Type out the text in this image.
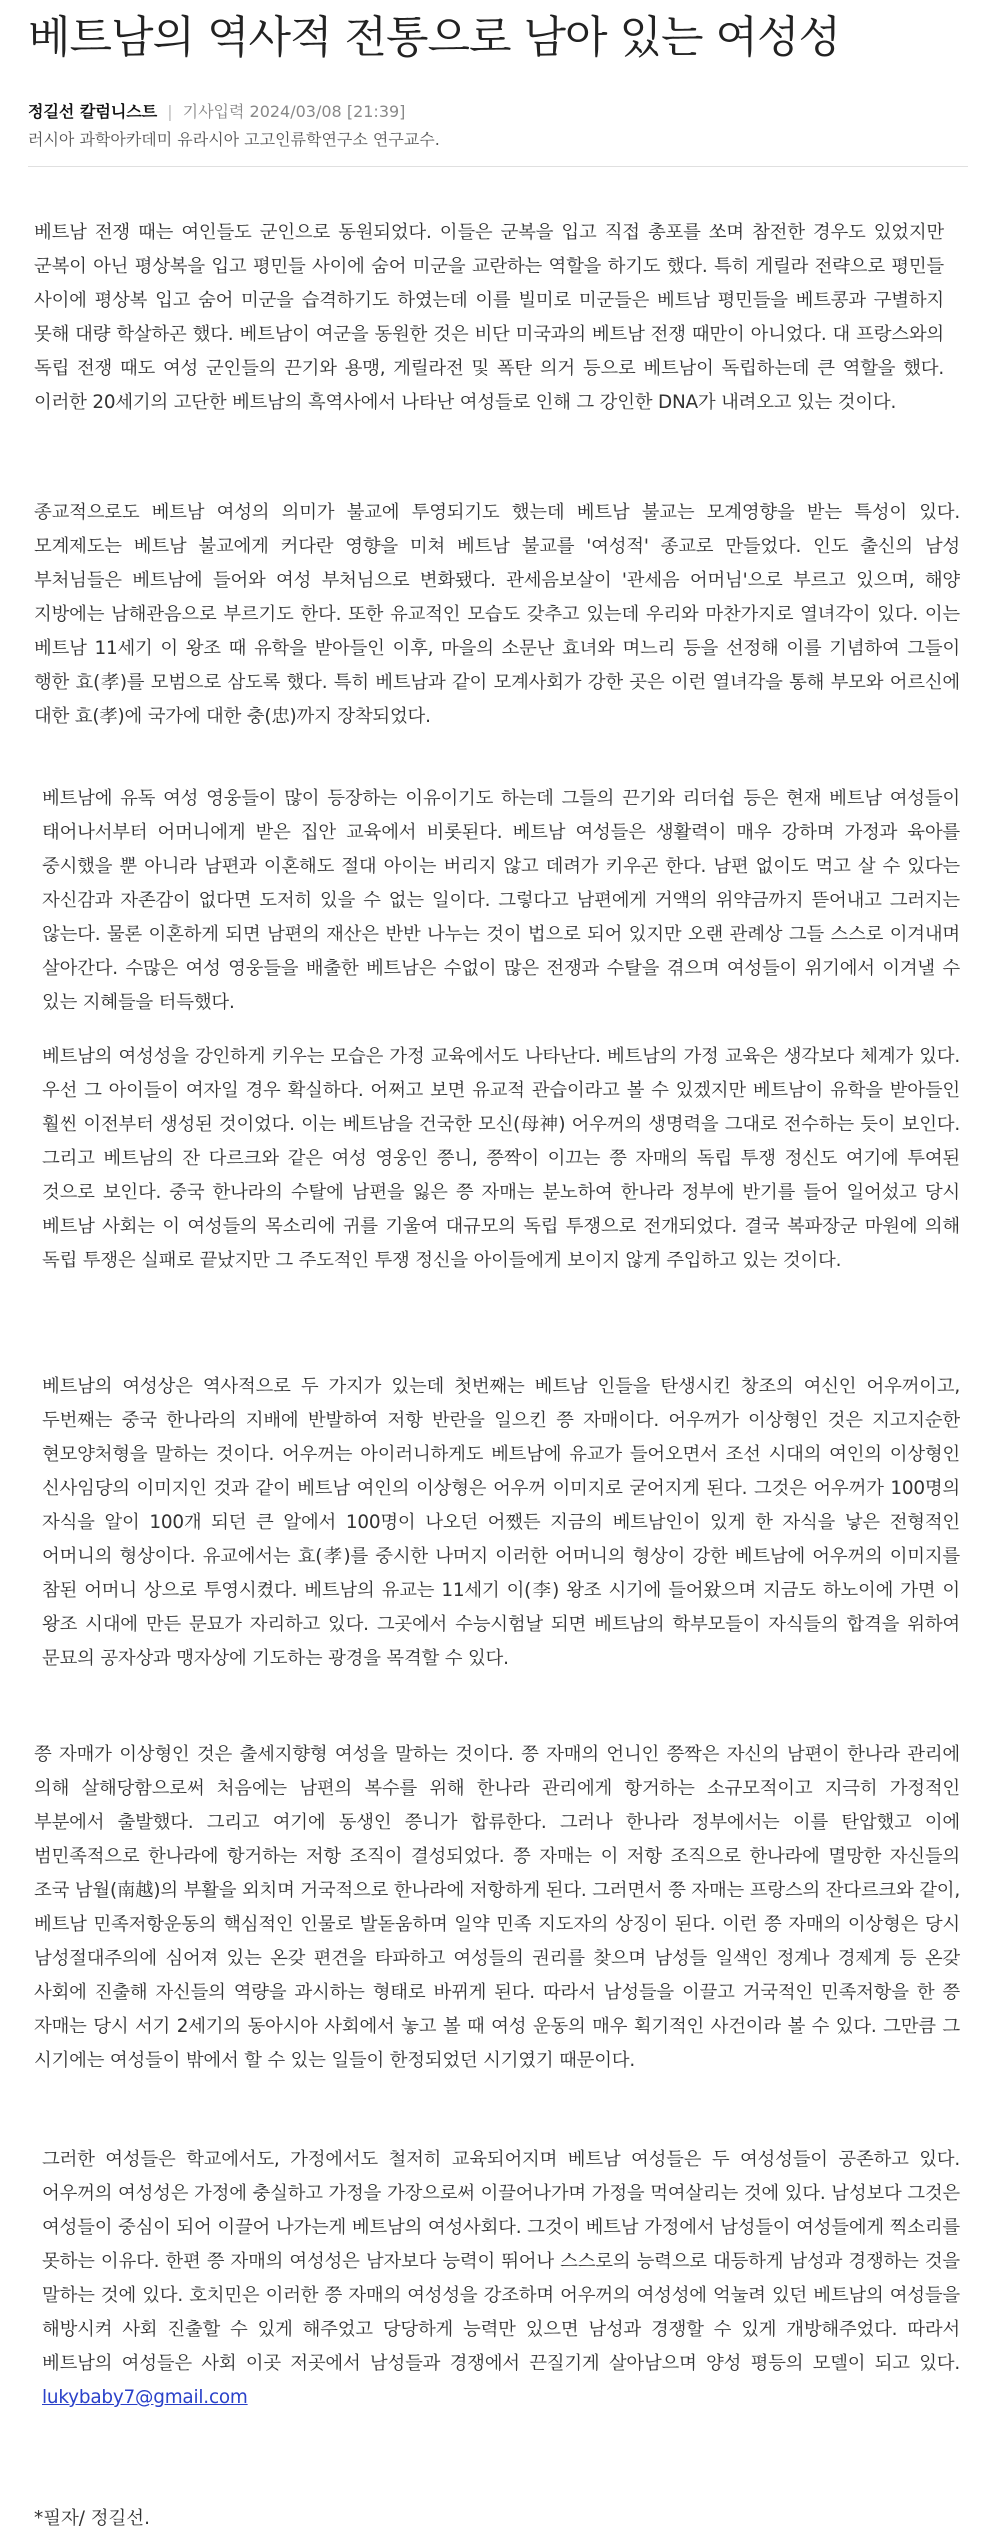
베트남의 역사적 전통으로 남아 있는 여성성
정길선 칼럼니스트 | 기사입력 2024/03/08 [21:39]
러시아 과학아카데미 유라시아 고고인류학연구소 연구교수.

베트남 전쟁 때는 여인들도 군인으로 동원되었다. 이들은 군복을 입고 직접 총포를 쏘며 참전한 경우도 있었지만 군복이 아닌 평상복을 입고 평민들 사이에 숨어 미군을 교란하는 역할을 하기도 했다. 특히 게릴라 전략으로 평민들 사이에 평상복 입고 숨어 미군을 습격하기도 하였는데 이를 빌미로 미군들은 베트남 평민들을 베트콩과 구별하지 못해 대량 학살하곤 했다. 베트남이 여군을 동원한 것은 비단 미국과의 베트남 전쟁 때만이 아니었다. 대 프랑스와의 독립 전쟁 때도 여성 군인들의 끈기와 용맹, 게릴라전 및 폭탄 의거 등으로 베트남이 독립하는데 큰 역할을 했다. 이러한 20세기의 고단한 베트남의 흑역사에서 나타난 여성들로 인해 그 강인한 DNA가 내려오고 있는 것이다.

종교적으로도 베트남 여성의 의미가 불교에 투영되기도 했는데 베트남 불교는 모계영향을 받는 특성이 있다. 모계제도는 베트남 불교에게 커다란 영향을 미쳐 베트남 불교를 '여성적' 종교로 만들었다. 인도 출신의 남성 부처님들은 베트남에 들어와 여성 부처님으로 변화됐다. 관세음보살이 '관세음 어머님'으로 부르고 있으며, 해양 지방에는 남해관음으로 부르기도 한다. 또한 유교적인 모습도 갖추고 있는데 우리와 마찬가지로 열녀각이 있다. 이는 베트남 11세기 이 왕조 때 유학을 받아들인 이후, 마을의 소문난 효녀와 며느리 등을 선정해 이를 기념하여 그들이 행한 효(孝)를 모범으로 삼도록 했다. 특히 베트남과 같이 모계사회가 강한 곳은 이런 열녀각을 통해 부모와 어르신에 대한 효(孝)에 국가에 대한 충(忠)까지 장착되었다.

베트남에 유독 여성 영웅들이 많이 등장하는 이유이기도 하는데 그들의 끈기와 리더쉽 등은 현재 베트남 여성들이 태어나서부터 어머니에게 받은 집안 교육에서 비롯된다. 베트남 여성들은 생활력이 매우 강하며 가정과 육아를 중시했을 뿐 아니라 남편과 이혼해도 절대 아이는 버리지 않고 데려가 키우곤 한다. 남편 없이도 먹고 살 수 있다는 자신감과 자존감이 없다면 도저히 있을 수 없는 일이다. 그렇다고 남편에게 거액의 위약금까지 뜯어내고 그러지는 않는다. 물론 이혼하게 되면 남편의 재산은 반반 나누는 것이 법으로 되어 있지만 오랜 관례상 그들 스스로 이겨내며 살아간다. 수많은 여성 영웅들을 배출한 베트남은 수없이 많은 전쟁과 수탈을 겪으며 여성들이 위기에서 이겨낼 수 있는 지혜들을 터득했다.

베트남의 여성성을 강인하게 키우는 모습은 가정 교육에서도 나타난다. 베트남의 가정 교육은 생각보다 체계가 있다. 우선 그 아이들이 여자일 경우 확실하다. 어쩌고 보면 유교적 관습이라고 볼 수 있겠지만 베트남이 유학을 받아들인 훨씬 이전부터 생성된 것이었다. 이는 베트남을 건국한 모신(母神) 어우꺼의 생명력을 그대로 전수하는 듯이 보인다. 그리고 베트남의 잔 다르크와 같은 여성 영웅인 쯩니, 쯩짝이 이끄는 쯩 자매의 독립 투쟁 정신도 여기에 투여된 것으로 보인다. 중국 한나라의 수탈에 남편을 잃은 쯩 자매는 분노하여 한나라 정부에 반기를 들어 일어섰고 당시 베트남 사회는 이 여성들의 목소리에 귀를 기울여 대규모의 독립 투쟁으로 전개되었다. 결국 복파장군 마원에 의해 독립 투쟁은 실패로 끝났지만 그 주도적인 투쟁 정신을 아이들에게 보이지 않게 주입하고 있는 것이다.

베트남의 여성상은 역사적으로 두 가지가 있는데 첫번째는 베트남 인들을 탄생시킨 창조의 여신인 어우꺼이고, 두번째는 중국 한나라의 지배에 반발하여 저항 반란을 일으킨 쯩 자매이다. 어우꺼가 이상형인 것은 지고지순한 현모양처형을 말하는 것이다. 어우꺼는 아이러니하게도 베트남에 유교가 들어오면서 조선 시대의 여인의 이상형인 신사임당의 이미지인 것과 같이 베트남 여인의 이상형은 어우꺼 이미지로 굳어지게 된다. 그것은 어우꺼가 100명의 자식을 알이 100개 되던 큰 알에서 100명이 나오던 어쨌든 지금의 베트남인이 있게 한 자식을 낳은 전형적인 어머니의 형상이다. 유교에서는 효(孝)를 중시한 나머지 이러한 어머니의 형상이 강한 베트남에 어우꺼의 이미지를 참된 어머니 상으로 투영시켰다. 베트남의 유교는 11세기 이(李) 왕조 시기에 들어왔으며 지금도 하노이에 가면 이 왕조 시대에 만든 문묘가 자리하고 있다. 그곳에서 수능시험날 되면 베트남의 학부모들이 자식들의 합격을 위하여 문묘의 공자상과 맹자상에 기도하는 광경을 목격할 수 있다.

쯩 자매가 이상형인 것은 출세지향형 여성을 말하는 것이다. 쯩 자매의 언니인 쯩짝은 자신의 남편이 한나라 관리에 의해 살해당함으로써 처음에는 남편의 복수를 위해 한나라 관리에게 항거하는 소규모적이고 지극히 가정적인 부분에서 출발했다. 그리고 여기에 동생인 쯩니가 합류한다. 그러나 한나라 정부에서는 이를 탄압했고 이에 범민족적으로 한나라에 항거하는 저항 조직이 결성되었다. 쯩 자매는 이 저항 조직으로 한나라에 멸망한 자신들의 조국 남월(南越)의 부활을 외치며 거국적으로 한나라에 저항하게 된다. 그러면서 쯩 자매는 프랑스의 잔다르크와 같이, 베트남 민족저항운동의 핵심적인 인물로 발돋움하며 일약 민족 지도자의 상징이 된다. 이런 쯩 자매의 이상형은 당시 남성절대주의에 심어져 있는 온갖 편견을 타파하고 여성들의 권리를 찾으며 남성들 일색인 정계나 경제계 등 온갖 사회에 진출해 자신들의 역량을 과시하는 형태로 바뀌게 된다. 따라서 남성들을 이끌고 거국적인 민족저항을 한 쯩 자매는 당시 서기 2세기의 동아시아 사회에서 놓고 볼 때 여성 운동의 매우 획기적인 사건이라 볼 수 있다. 그만큼 그 시기에는 여성들이 밖에서 할 수 있는 일들이 한정되었던 시기였기 때문이다.

그러한 여성들은 학교에서도, 가정에서도 철저히 교육되어지며 베트남 여성들은 두 여성성들이 공존하고 있다. 어우꺼의 여성성은 가정에 충실하고 가정을 가장으로써 이끌어나가며 가정을 먹여살리는 것에 있다. 남성보다 그것은 여성들이 중심이 되어 이끌어 나가는게 베트남의 여성사회다. 그것이 베트남 가정에서 남성들이 여성들에게 찍소리를 못하는 이유다. 한편 쯩 자매의 여성성은 남자보다 능력이 뛰어나 스스로의 능력으로 대등하게 남성과 경쟁하는 것을 말하는 것에 있다. 호치민은 이러한 쯩 자매의 여성성을 강조하며 어우꺼의 여성성에 억눌려 있던 베트남의 여성들을 해방시켜 사회 진출할 수 있게 해주었고 당당하게 능력만 있으면 남성과 경쟁할 수 있게 개방해주었다. 따라서 베트남의 여성들은 사회 이곳 저곳에서 남성들과 경쟁에서 끈질기게 살아남으며 양성 평등의 모델이 되고 있다. lukybaby7@gmail.com

*필자/ 정길선.
